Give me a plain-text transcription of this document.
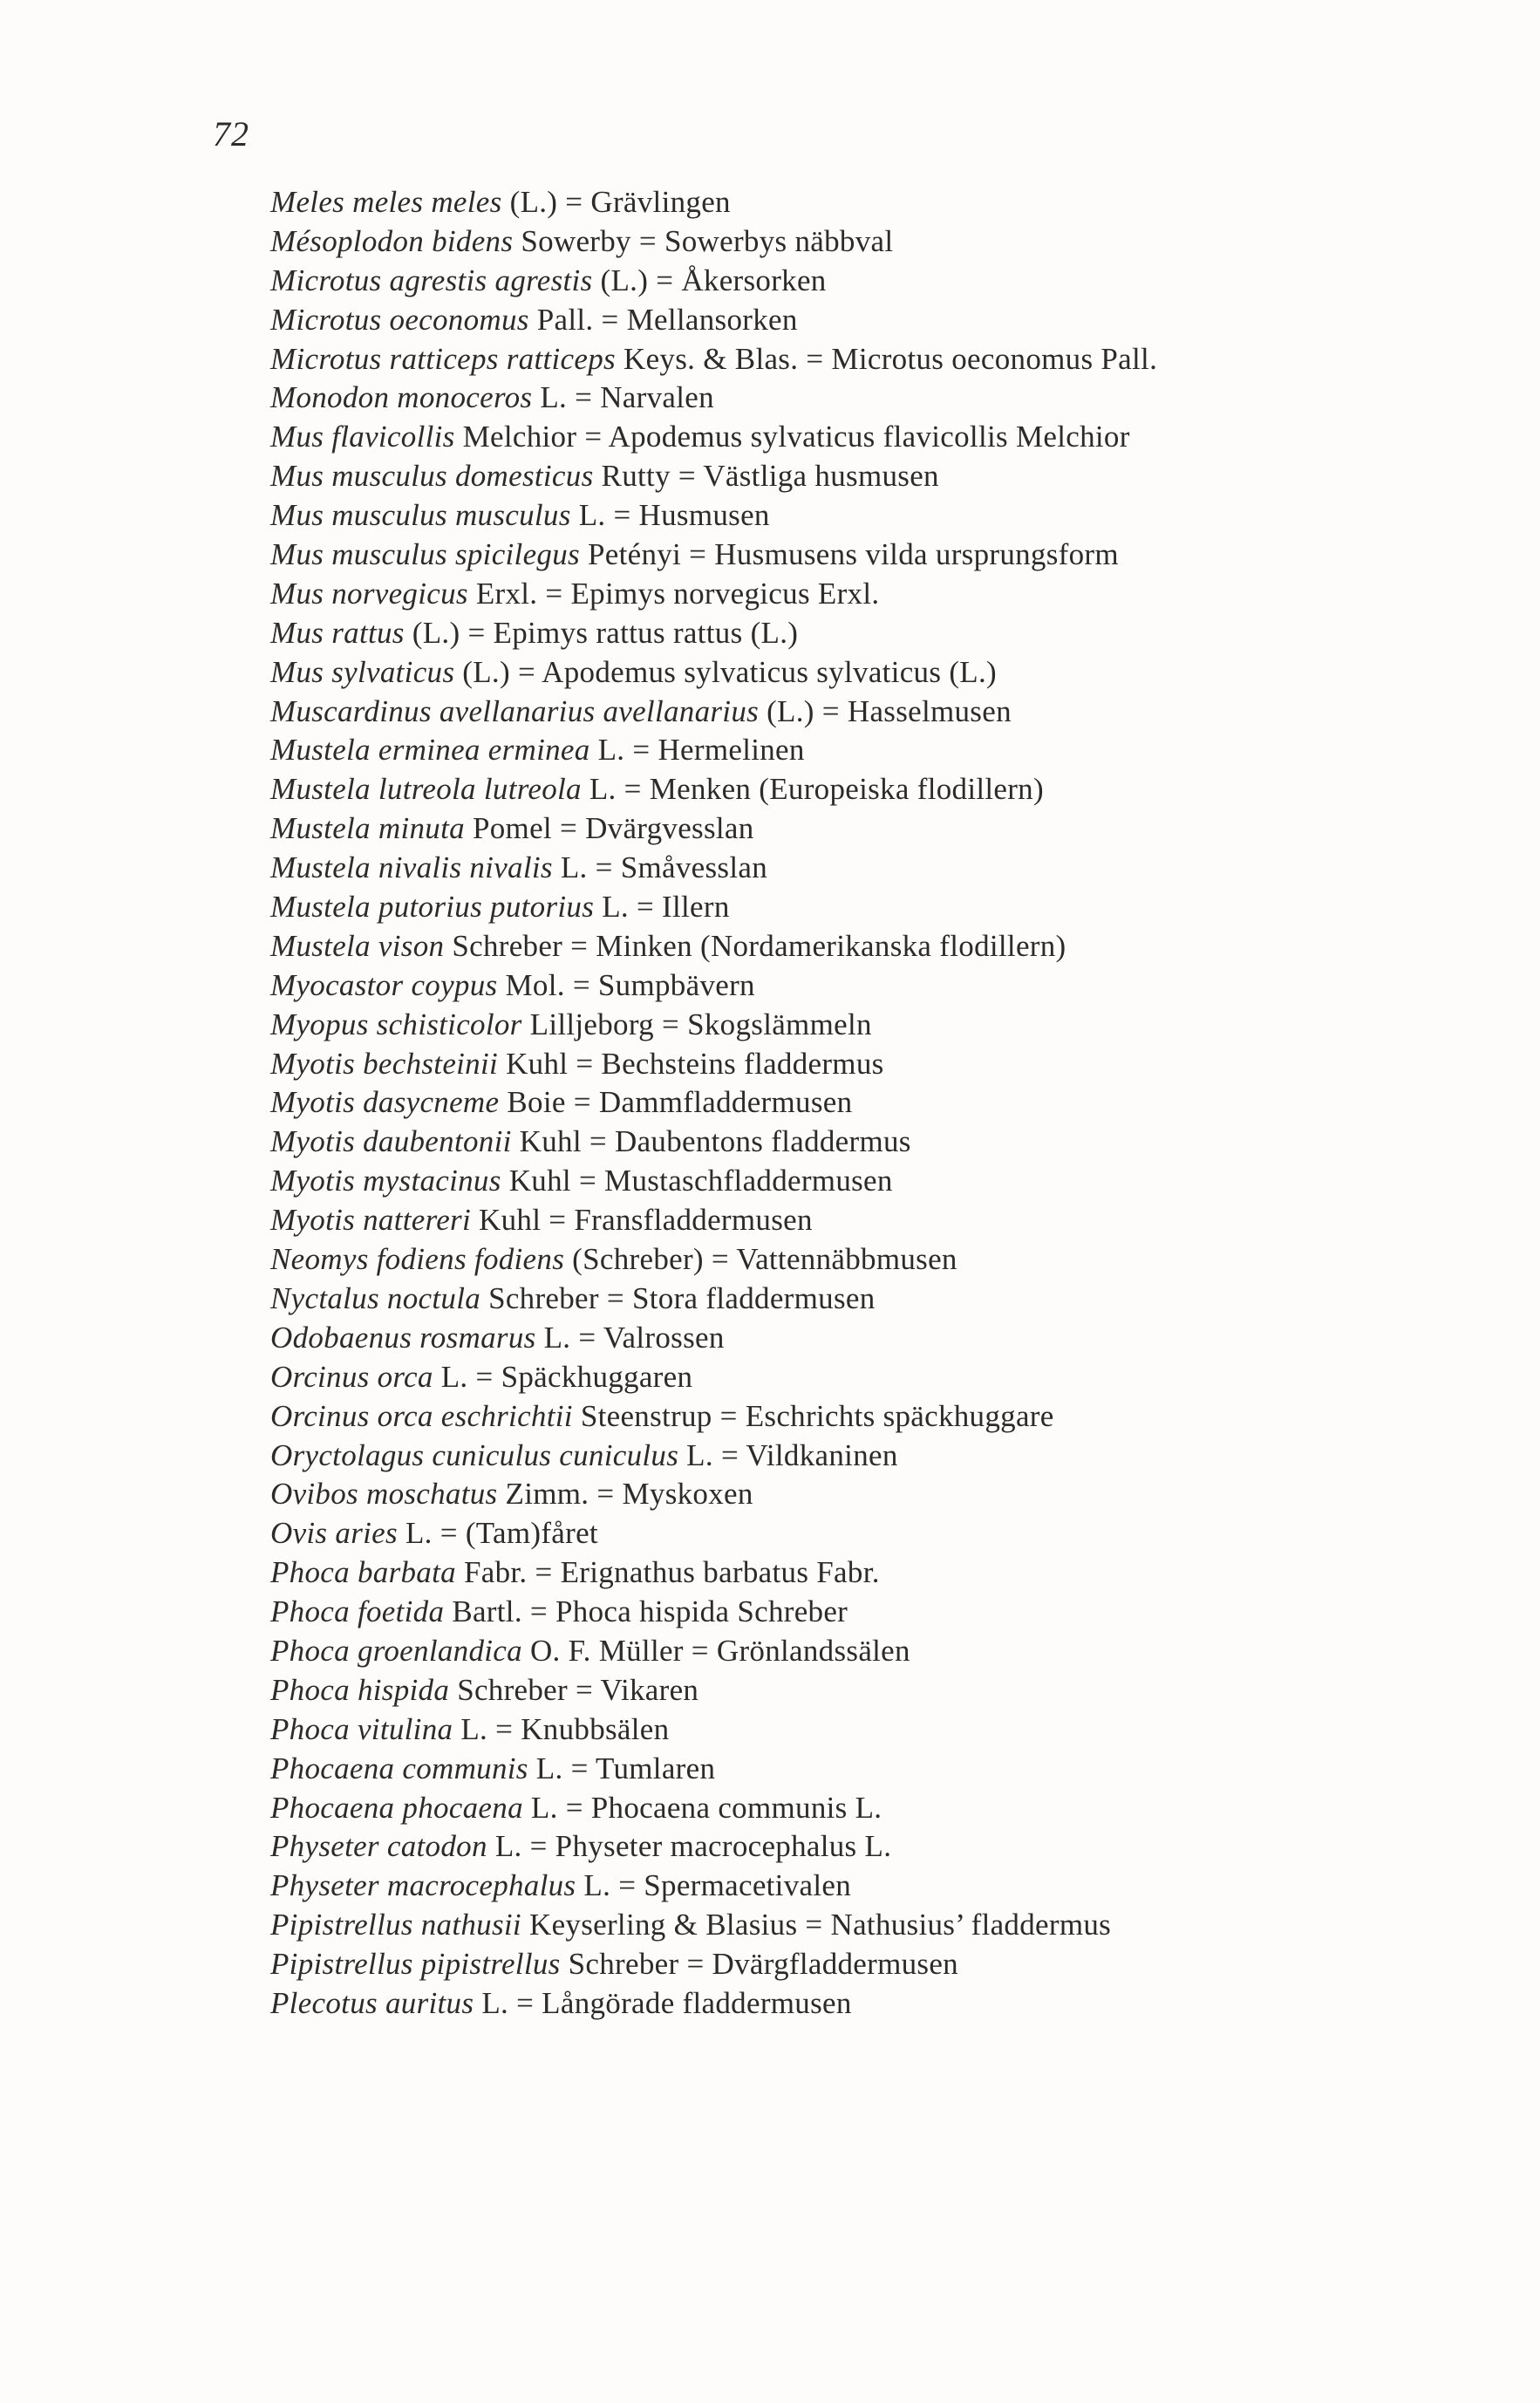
72
Meles meles meles (L.) = Grävlingen
Mésoplodon bidens Sowerby = Sowerbys näbbval
Microtus agrestis agrestis (L.) = Åkersorken
Microtus oeconomus Pall. = Mellansorken
Microtus ratticeps ratticeps Keys. & Blas. = Microtus oeconomus Pall.
Monodon monoceros L. = Narvalen
Mus flavicollis Melchior = Apodemus sylvaticus flavicollis Melchior
Mus musculus domesticus Rutty = Västliga husmusen
Mus musculus musculus L. = Husmusen
Mus musculus spicilegus Petényi = Husmusens vilda ursprungsform
Mus norvegicus Erxl. = Epimys norvegicus Erxl.
Mus rattus (L.) = Epimys rattus rattus (L.)
Mus sylvaticus (L.) = Apodemus sylvaticus sylvaticus (L.)
Muscardinus avellanarius avellanarius (L.) = Hasselmusen
Mustela erminea erminea L. = Hermelinen
Mustela lutreola lutreola L. = Menken (Europeiska flodillern)
Mustela minuta Pomel = Dvärgvesslan
Mustela nivalis nivalis L. = Småvesslan
Mustela putorius putorius L. = Illern
Mustela vison Schreber = Minken (Nordamerikanska flodillern)
Myocastor coypus Mol. = Sumpbävern
Myopus schisticolor Lilljeborg = Skogslämmeln
Myotis bechsteinii Kuhl = Bechsteins fladdermus
Myotis dasycneme Boie = Dammfladdermusen
Myotis daubentonii Kuhl = Daubentons fladdermus
Myotis mystacinus Kuhl = Mustaschfladdermusen
Myotis nattereri Kuhl = Fransfladdermusen
Neomys fodiens fodiens (Schreber) = Vattennäbbmusen
Nyctalus noctula Schreber = Stora fladdermusen
Odobaenus rosmarus L. = Valrossen
Orcinus orca L. = Späckhuggaren
Orcinus orca eschrichtii Steenstrup = Eschrichts späckhuggare
Oryctolagus cuniculus cuniculus L. = Vildkaninen
Ovibos moschatus Zimm. = Myskoxen
Ovis aries L. = (Tam)fåret
Phoca barbata Fabr. = Erignathus barbatus Fabr.
Phoca foetida Bartl. = Phoca hispida Schreber
Phoca groenlandica O. F. Müller = Grönlandssälen
Phoca hispida Schreber = Vikaren
Phoca vitulina L. = Knubbsälen
Phocaena communis L. = Tumlaren
Phocaena phocaena L. = Phocaena communis L.
Physeter catodon L. = Physeter macrocephalus L.
Physeter macrocephalus L. = Spermacetivalen
Pipistrellus nathusii Keyserling & Blasius = Nathusius’ fladdermus
Pipistrellus pipistrellus Schreber = Dvärgfladdermusen
Plecotus auritus L. = Långörade fladdermusen
